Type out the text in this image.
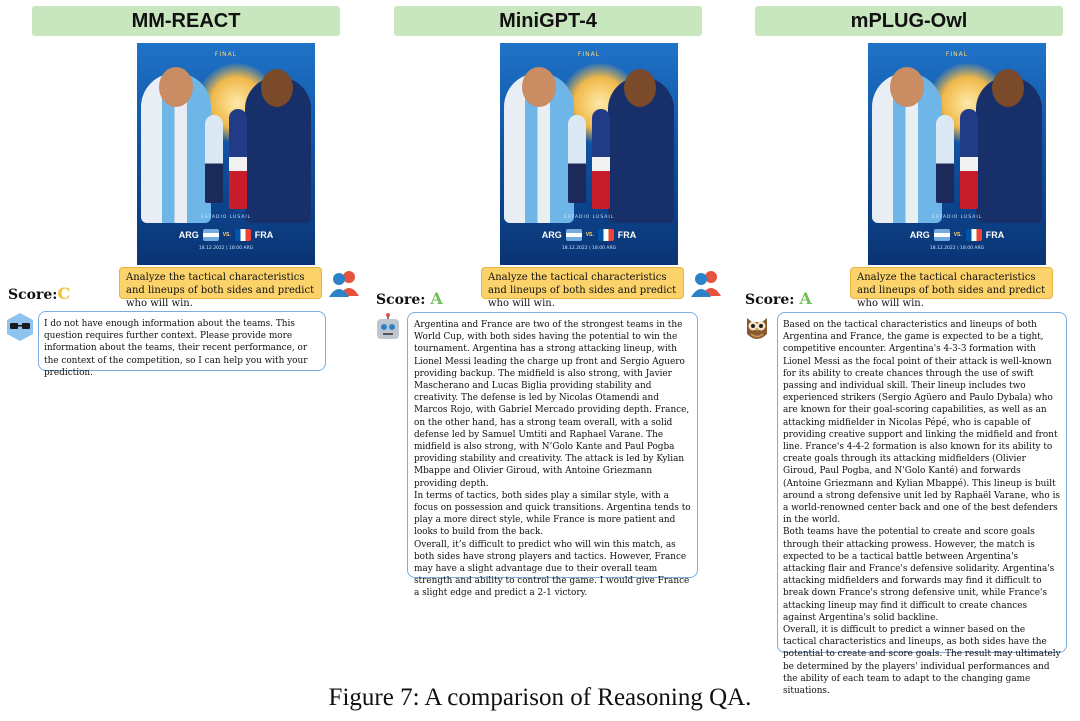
MM-REACT	MiniGPT-4	mPLUG-Owl
FINAL
ESTADIO LUSAIL
ARG	VS.	FRA
18.12.2022 | 18:00 ARG
FINAL
ESTADIO LUSAIL
ARG	VS.	FRA
18.12.2022 | 18:00 ARG
FINAL
ESTADIO LUSAIL
ARG	VS.	FRA
18.12.2022 | 18:00 ARG
Analyze the tactical characteristics and lineups of both sides and predict who will win.
Analyze the tactical characteristics and lineups of both sides and predict who will win.
Analyze the tactical characteristics and lineups of both sides and predict who will win.
Score:C	Score: A	Score: A

I do not have enough information about the teams. This question requires further context. Please provide more information about the teams, their recent performance, or the context of the competition, so I can help you with your prediction.

Argentina and France are two of the strongest teams in the World Cup, with both sides having the potential to win the tournament. Argentina has a strong attacking lineup, with Lionel Messi leading the charge up front and Sergio Aguero providing backup. The midfield is also strong, with Javier Mascherano and Lucas Biglia providing stability and creativity. The defense is led by Nicolas Otamendi and Marcos Rojo, with Gabriel Mercado providing depth. France, on the other hand, has a strong team overall, with a solid defense led by Samuel Umtiti and Raphael Varane. The midfield is also strong, with N’Golo Kante and Paul Pogba providing stability and creativity. The attack is led by Kylian Mbappe and Olivier Giroud, with Antoine Griezmann providing depth.

In terms of tactics, both sides play a similar style, with a focus on possession and quick transitions. Argentina tends to play a more direct style, while France is more patient and looks to build from the back.

Overall, it’s difficult to predict who will win this match, as both sides have strong players and tactics. However, France may have a slight advantage due to their overall team strength and ability to control the game. I would give France a slight edge and predict a 2-1 victory.

Based on the tactical characteristics and lineups of both Argentina and France, the game is expected to be a tight, competitive encounter. Argentina's 4-3-3 formation with Lionel Messi as the focal point of their attack is well-known for its ability to create chances through the use of swift passing and individual skill. Their lineup includes two experienced strikers (Sergio Agüero and Paulo Dybala) who are known for their goal-scoring capabilities, as well as an attacking midfielder in Nicolas Pépé, who is capable of providing creative support and linking the midfield and front line. France's 4-4-2 formation is also known for its ability to create goals through its attacking midfielders (Olivier Giroud, Paul Pogba, and N'Golo Kanté) and forwards (Antoine Griezmann and Kylian Mbappé). This lineup is built around a strong defensive unit led by Raphaël Varane, who is a world-renowned center back and one of the best defenders in the world.

Both teams have the potential to create and score goals through their attacking prowess. However, the match is expected to be a tactical battle between Argentina's attacking flair and France's defensive solidarity. Argentina's attacking midfielders and forwards may find it difficult to break down France's strong defensive unit, while France's attacking lineup may find it difficult to create chances against Argentina's solid backline.

Overall, it is difficult to predict a winner based on the tactical characteristics and lineups, as both sides have the potential to create and score goals. The result may ultimately be determined by the players' individual performances and the ability of each team to adapt to the changing game situations.

Figure 7: A comparison of Reasoning QA.
